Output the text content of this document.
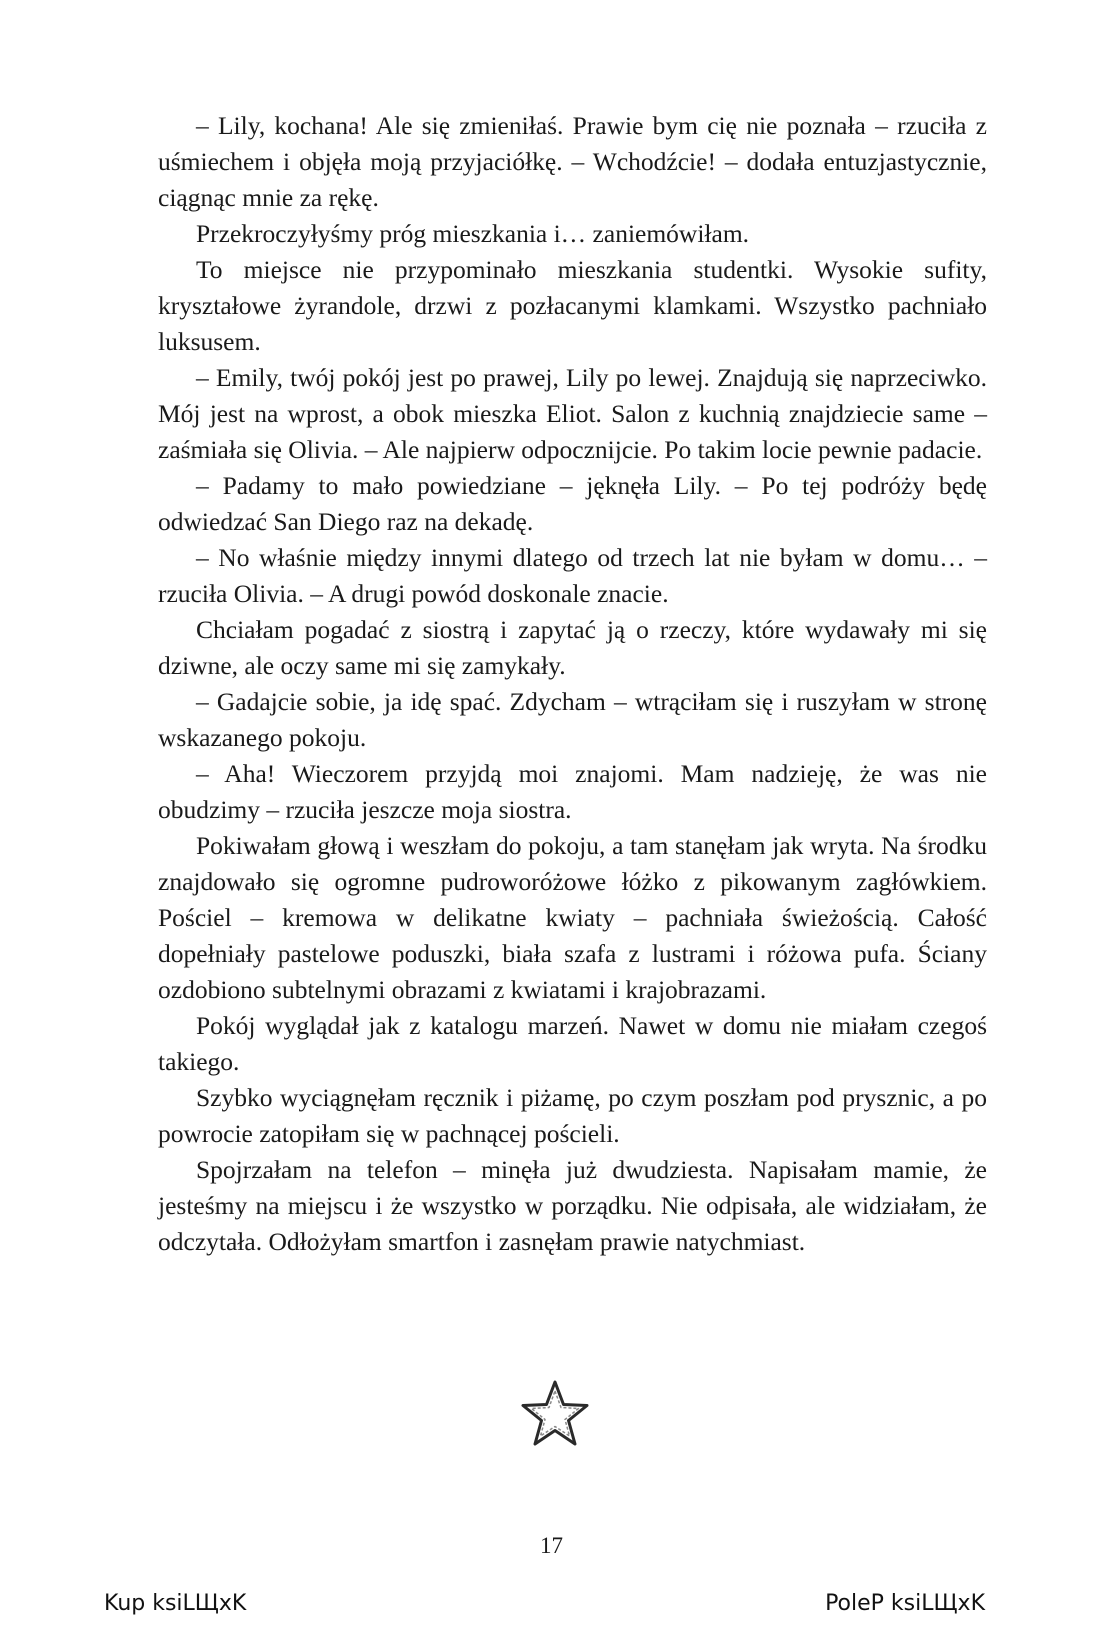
– Lily, kochana! Ale się zmieniłaś. Prawie bym cię nie poznała – rzuciła z uśmiechem i objęła moją przyjaciółkę. – Wchodźcie! – dodała entuzjastycznie, ciągnąc mnie za rękę.

Przekroczyłyśmy próg mieszkania i… zaniemówiłam.

To miejsce nie przypominało mieszkania studentki. Wysokie sufity, kryształowe żyrandole, drzwi z pozłacanymi klamkami. Wszystko pachniało luksusem.

– Emily, twój pokój jest po prawej, Lily po lewej. Znajdują się naprzeciwko. Mój jest na wprost, a obok mieszka Eliot. Salon z kuchnią znajdziecie same – zaśmiała się Olivia. – Ale najpierw odpocznijcie. Po takim locie pewnie padacie.

– Padamy to mało powiedziane – jęknęła Lily. – Po tej podróży będę odwiedzać San Diego raz na dekadę.

– No właśnie między innymi dlatego od trzech lat nie byłam w domu… – rzuciła Olivia. – A drugi powód doskonale znacie.

Chciałam pogadać z siostrą i zapytać ją o rzeczy, które wydawały mi się dziwne, ale oczy same mi się zamykały.

– Gadajcie sobie, ja idę spać. Zdycham – wtrąciłam się i ruszyłam w stronę wskazanego pokoju.

– Aha! Wieczorem przyjdą moi znajomi. Mam nadzieję, że was nie obudzimy – rzuciła jeszcze moja siostra.

Pokiwałam głową i weszłam do pokoju, a tam stanęłam jak wryta. Na środku znajdowało się ogromne pudroworóżowe łóżko z pikowanym zagłówkiem. Pościel – kremowa w delikatne kwiaty – pachniała świeżością. Całość dopełniały pastelowe poduszki, biała szafa z lustrami i różowa pufa. Ściany ozdobiono subtelnymi obrazami z kwiatami i krajobrazami.

Pokój wyglądał jak z katalogu marzeń. Nawet w domu nie miałam czegoś takiego.

Szybko wyciągnęłam ręcznik i piżamę, po czym poszłam pod prysznic, a po powrocie zatopiłam się w pachnącej pościeli.

Spojrzałam na telefon – minęła już dwudziesta. Napisałam mamie, że jesteśmy na miejscu i że wszystko w porządku. Nie odpisała, ale widziałam, że odczytała. Odłożyłam smartfon i zasnęłam prawie natychmiast.

17
Kup ksiLЩxK	PoleP ksiLЩxK
